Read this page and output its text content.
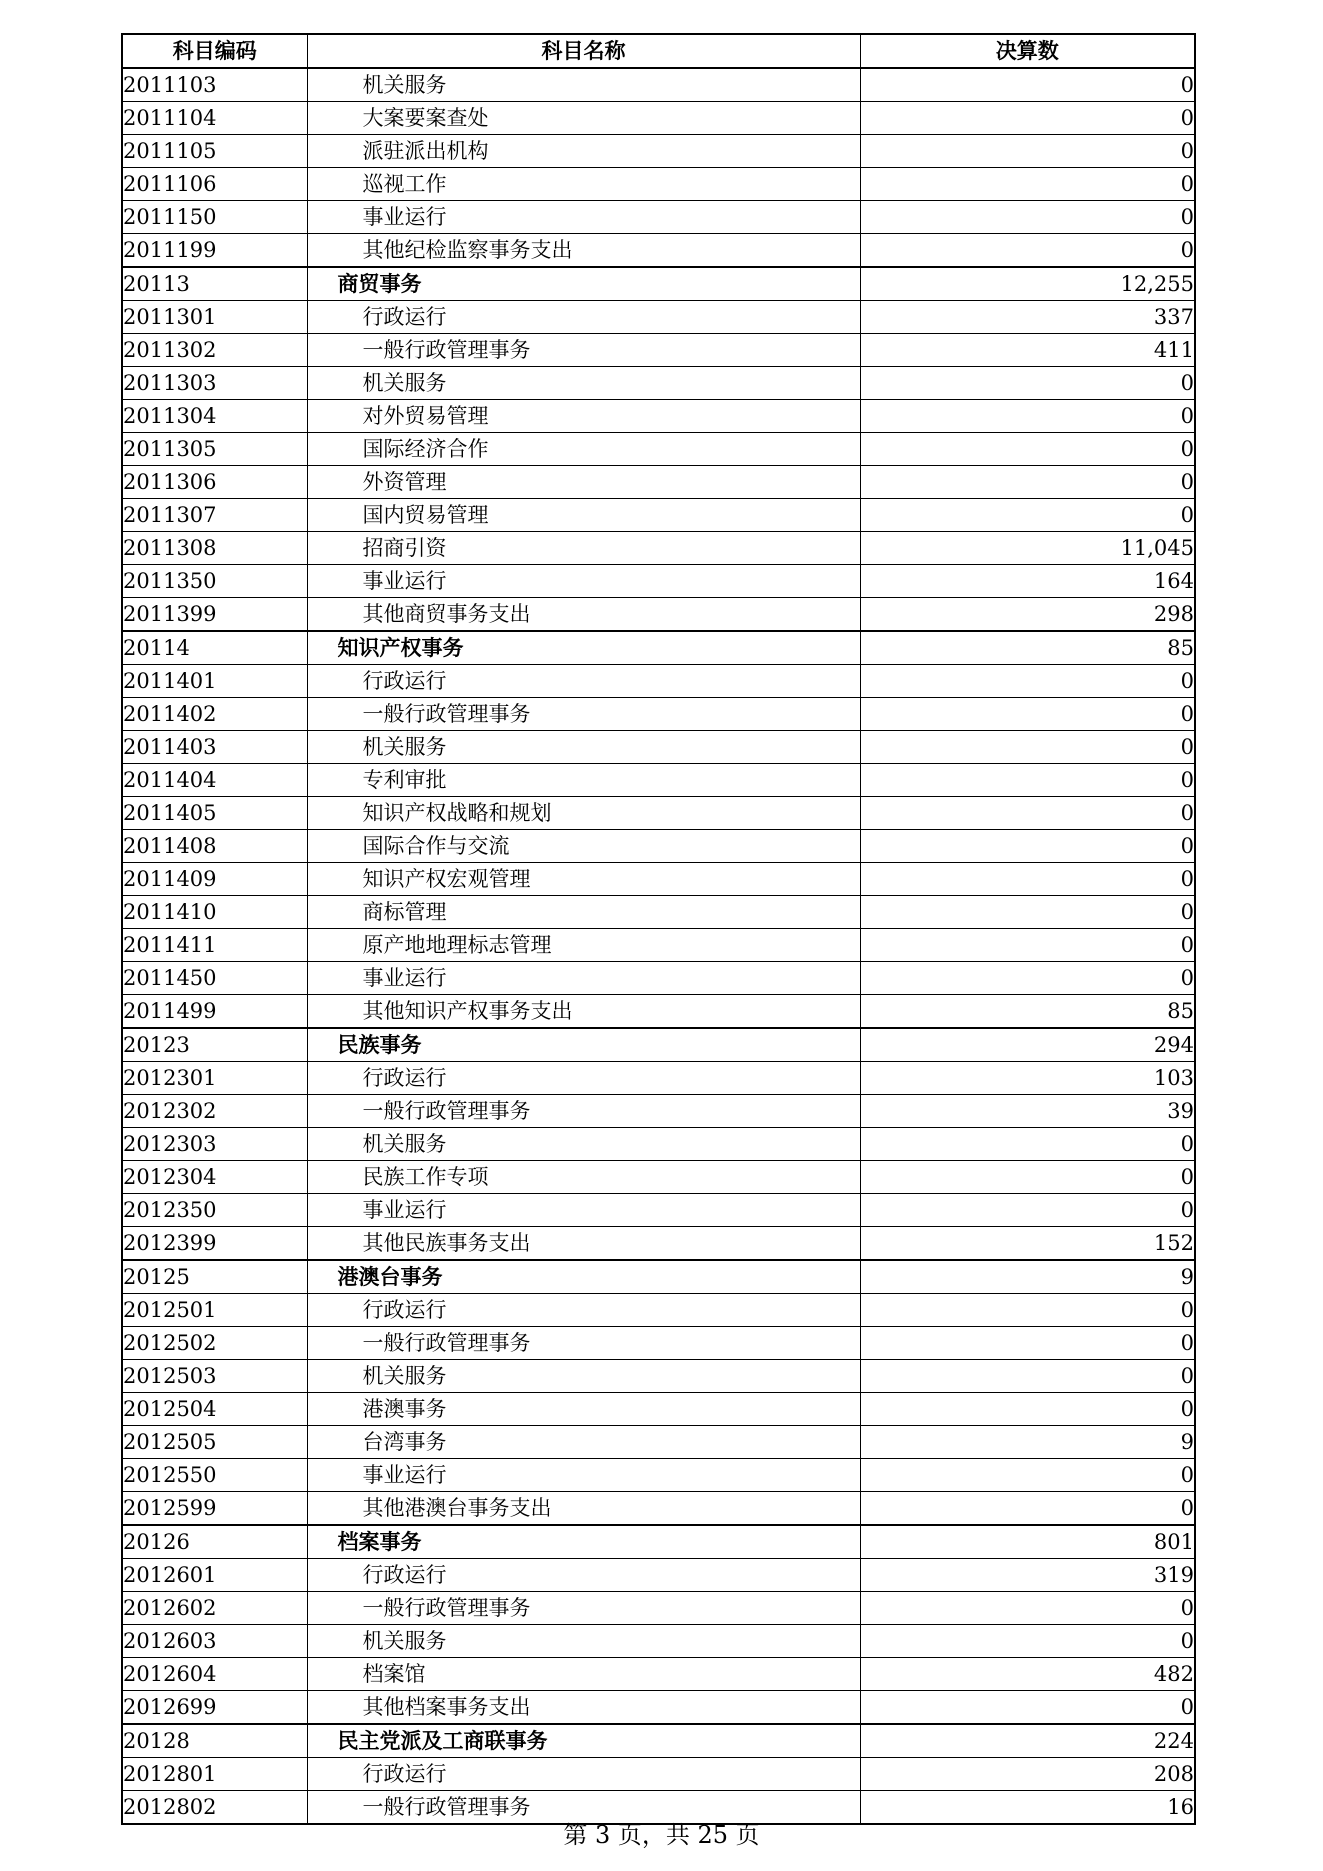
科目编码	科目名称	决算数
2011103	机关服务	0
2011104	大案要案查处	0
2011105	派驻派出机构	0
2011106	巡视工作	0
2011150	事业运行	0
2011199	其他纪检监察事务支出	0
20113	商贸事务	12,255
2011301	行政运行	337
2011302	一般行政管理事务	411
2011303	机关服务	0
2011304	对外贸易管理	0
2011305	国际经济合作	0
2011306	外资管理	0
2011307	国内贸易管理	0
2011308	招商引资	11,045
2011350	事业运行	164
2011399	其他商贸事务支出	298
20114	知识产权事务	85
2011401	行政运行	0
2011402	一般行政管理事务	0
2011403	机关服务	0
2011404	专利审批	0
2011405	知识产权战略和规划	0
2011408	国际合作与交流	0
2011409	知识产权宏观管理	0
2011410	商标管理	0
2011411	原产地地理标志管理	0
2011450	事业运行	0
2011499	其他知识产权事务支出	85
20123	民族事务	294
2012301	行政运行	103
2012302	一般行政管理事务	39
2012303	机关服务	0
2012304	民族工作专项	0
2012350	事业运行	0
2012399	其他民族事务支出	152
20125	港澳台事务	9
2012501	行政运行	0
2012502	一般行政管理事务	0
2012503	机关服务	0
2012504	港澳事务	0
2012505	台湾事务	9
2012550	事业运行	0
2012599	其他港澳台事务支出	0
20126	档案事务	801
2012601	行政运行	319
2012602	一般行政管理事务	0
2012603	机关服务	0
2012604	档案馆	482
2012699	其他档案事务支出	0
20128	民主党派及工商联事务	224
2012801	行政运行	208
2012802	一般行政管理事务	16
第 3 页，共 25 页
